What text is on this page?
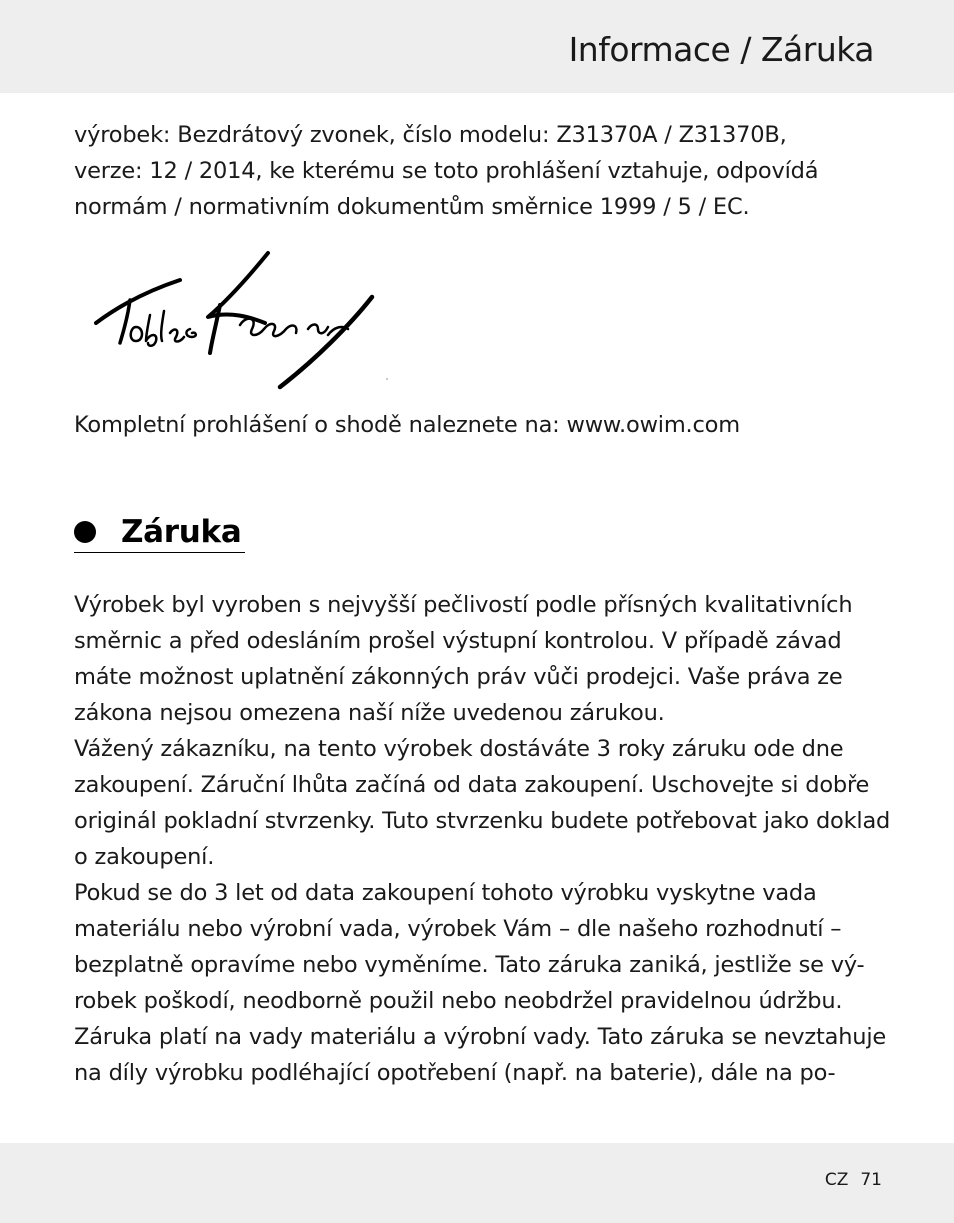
Informace / Záruka
výrobek: Bezdrátový zvonek, číslo modelu: Z31370A / Z31370B,
verze: 12 / 2014, ke kterému se toto prohlášení vztahuje, odpovídá
normám / normativním dokumentům směrnice 1999 / 5 / EC.
Kompletní prohlášení o shodě naleznete na: www.owim.com
Záruka
Výrobek byl vyroben s nejvyšší pečlivostí podle přísných kvalitativních
směrnic a před odesláním prošel výstupní kontrolou. V případě závad
máte možnost uplatnění zákonných práv vůči prodejci. Vaše práva ze
zákona nejsou omezena naší níže uvedenou zárukou.
Vážený zákazníku, na tento výrobek dostáváte 3 roky záruku ode dne
zakoupení. Záruční lhůta začíná od data zakoupení. Uschovejte si dobře
originál pokladní stvrzenky. Tuto stvrzenku budete potřebovat jako doklad
o zakoupení.
Pokud se do 3 let od data zakoupení tohoto výrobku vyskytne vada
materiálu nebo výrobní vada, výrobek Vám – dle našeho rozhodnutí –
bezplatně opravíme nebo vyměníme. Tato záruka zaniká, jestliže se vý-
robek poškodí, neodborně použil nebo neobdržel pravidelnou údržbu.
Záruka platí na vady materiálu a výrobní vady. Tato záruka se nevztahuje
na díly výrobku podléhající opotřebení (např. na baterie), dále na po-
CZ 71
